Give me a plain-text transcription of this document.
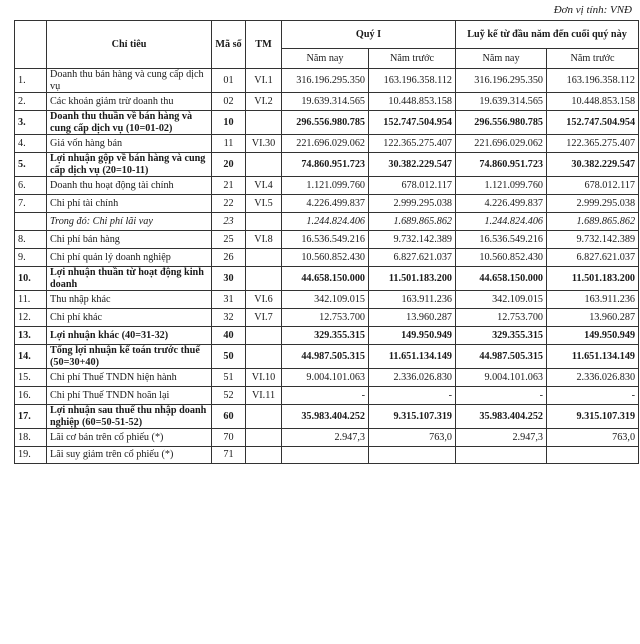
Đơn vị tính: VNĐ
	Chỉ tiêu	Mã số	TM	Quý I		Luỹ kế từ đầu năm đến cuối quý này	
				Năm nay	Năm trước	Năm nay	Năm trước
1.	Doanh thu bán hàng và cung cấp dịch vụ	01	VI.1	316.196.295.350	163.196.358.112	316.196.295.350	163.196.358.112
2.	Các khoản giảm trừ doanh thu	02	VI.2	19.639.314.565	10.448.853.158	19.639.314.565	10.448.853.158
3.	Doanh thu thuần về bán hàng và cung cấp dịch vụ (10=01-02)	10		296.556.980.785	152.747.504.954	296.556.980.785	152.747.504.954
4.	Giá vốn hàng bán	11	VI.30	221.696.029.062	122.365.275.407	221.696.029.062	122.365.275.407
5.	Lợi nhuận gộp về bán hàng và cung cấp dịch vụ (20=10-11)	20		74.860.951.723	30.382.229.547	74.860.951.723	30.382.229.547
6.	Doanh thu hoạt động tài chính	21	VI.4	1.121.099.760	678.012.117	1.121.099.760	678.012.117
7.	Chi phí tài chính	22	VI.5	4.226.499.837	2.999.295.038	4.226.499.837	2.999.295.038
	Trong đó: Chi phí lãi vay	23		1.244.824.406	1.689.865.862	1.244.824.406	1.689.865.862
8.	Chi phí bán hàng	25	VI.8	16.536.549.216	9.732.142.389	16.536.549.216	9.732.142.389
9.	Chi phí quản lý doanh nghiệp	26		10.560.852.430	6.827.621.037	10.560.852.430	6.827.621.037
10.	Lợi nhuận thuần từ hoạt động kinh doanh	30		44.658.150.000	11.501.183.200	44.658.150.000	11.501.183.200
11.	Thu nhập khác	31	VI.6	342.109.015	163.911.236	342.109.015	163.911.236
12.	Chi phí khác	32	VI.7	12.753.700	13.960.287	12.753.700	13.960.287
13.	Lợi nhuận khác (40=31-32)	40		329.355.315	149.950.949	329.355.315	149.950.949
14.	Tổng lợi nhuận kế toán trước thuế (50=30+40)	50		44.987.505.315	11.651.134.149	44.987.505.315	11.651.134.149
15.	Chi phí Thuế TNDN hiện hành	51	VI.10	9.004.101.063	2.336.026.830	9.004.101.063	2.336.026.830
16.	Chi phí Thuế TNDN hoãn lại	52	VI.11	-	-	-	-
17.	Lợi nhuận sau thuế thu nhập doanh nghiệp (60=50-51-52)	60		35.983.404.252	9.315.107.319	35.983.404.252	9.315.107.319
18.	Lãi cơ bản trên cổ phiếu (*)	70		2.947,3	763,0	2.947,3	763,0
19.	Lãi suy giảm trên cổ phiếu (*)	71					
